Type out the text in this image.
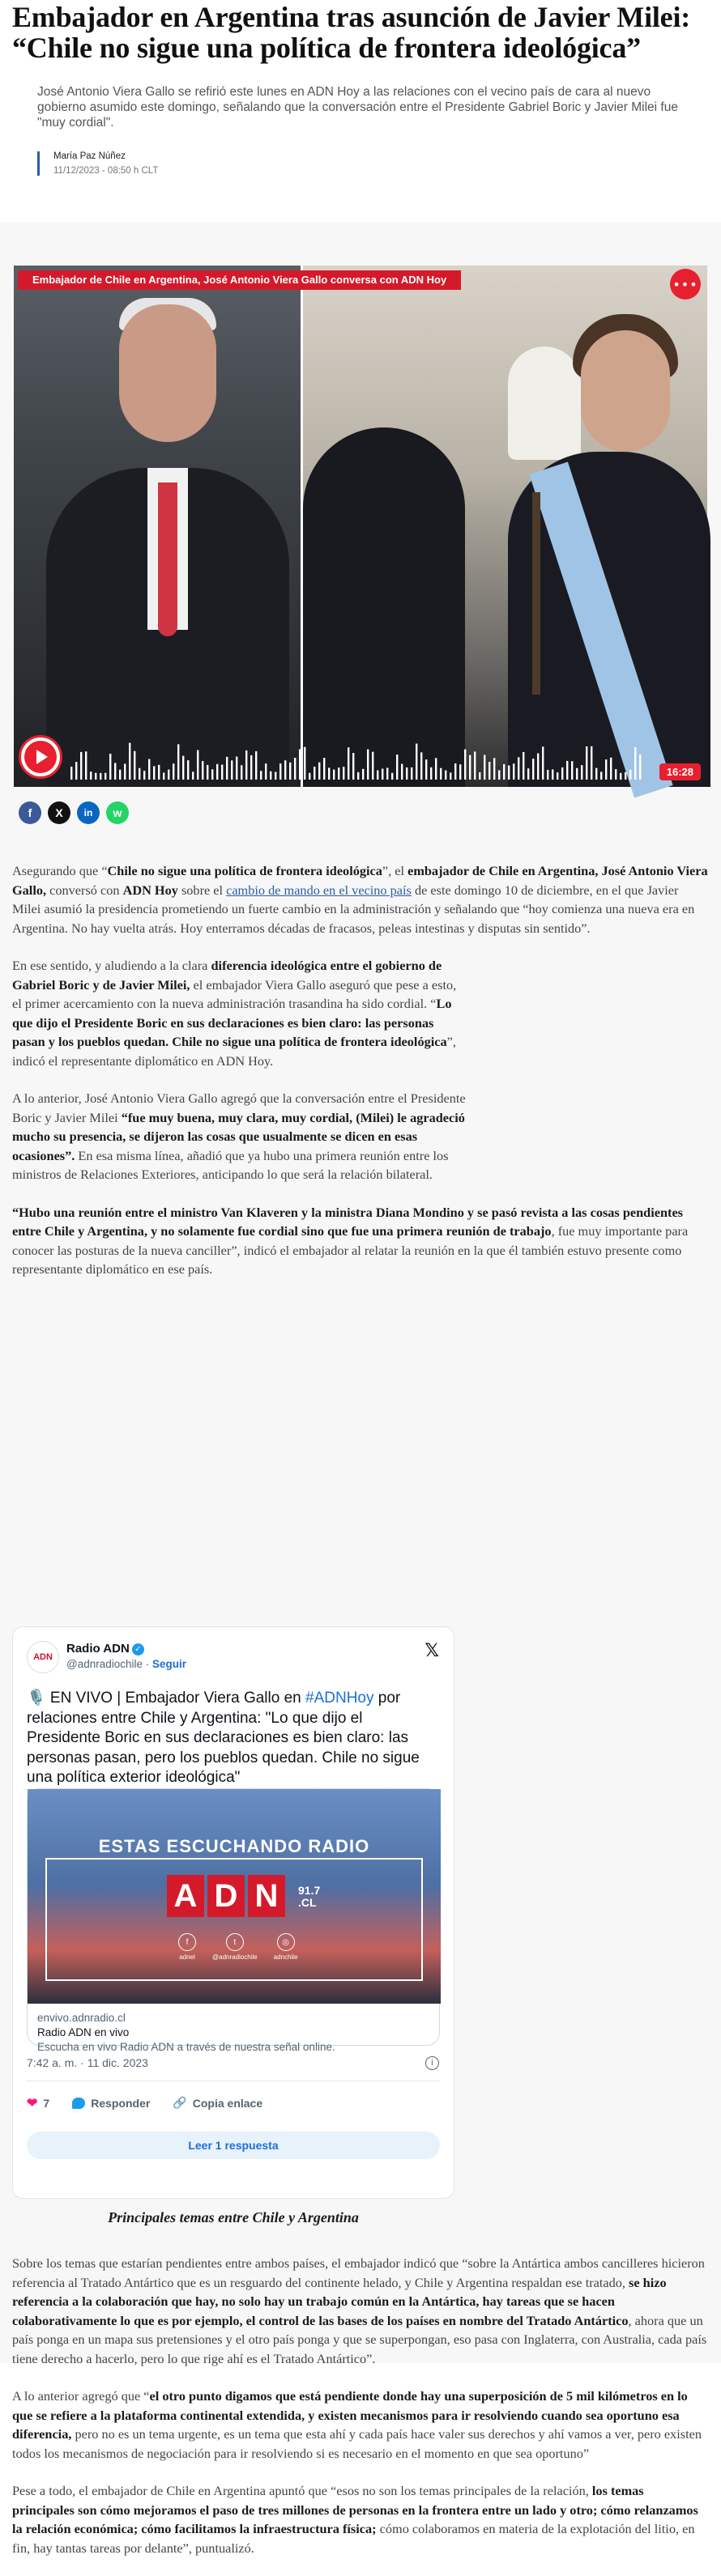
Embajador en Argentina tras asunción de Javier Milei: “Chile no sigue una política de frontera ideológica”

José Antonio Viera Gallo se refirió este lunes en ADN Hoy a las relaciones con el vecino país de cara al nuevo gobierno asumido este domingo, señalando que la conversación entre el Presidente Gabriel Boric y Javier Milei fue "muy cordial".

María Paz Núñez
11/12/2023 - 08:50 h CLT
Embajador de Chile en Argentina, José Antonio Viera Gallo conversa con ADN Hoy	•••
16:28
f	X	in	w

Asegurando que “Chile no sigue una política de frontera ideológica”, el embajador de Chile en Argentina, José Antonio Viera Gallo, conversó con ADN Hoy sobre el cambio de mando en el vecino país de este domingo 10 de diciembre, en el que Javier Milei asumió la presidencia prometiendo un fuerte cambio en la administración y señalando que “hoy comienza una nueva era en Argentina. No hay vuelta atrás. Hoy enterramos décadas de fracasos, peleas intestinas y disputas sin sentido”.

En ese sentido, y aludiendo a la clara diferencia ideológica entre el gobierno de Gabriel Boric y de Javier Milei, el embajador Viera Gallo aseguró que pese a esto, el primer acercamiento con la nueva administración trasandina ha sido cordial. “Lo que dijo el Presidente Boric en sus declaraciones es bien claro: las personas pasan y los pueblos quedan. Chile no sigue una política de frontera ideológica”, indicó el representante diplomático en ADN Hoy.

A lo anterior, José Antonio Viera Gallo agregó que la conversación entre el Presidente Boric y Javier Milei “fue muy buena, muy clara, muy cordial, (Milei) le agradeció mucho su presencia, se dijeron las cosas que usualmente se dicen en esas ocasiones”. En esa misma línea, añadió que ya hubo una primera reunión entre los ministros de Relaciones Exteriores, anticipando lo que será la relación bilateral.

“Hubo una reunión entre el ministro Van Klaveren y la ministra Diana Mondino y se pasó revista a las cosas pendientes entre Chile y Argentina, y no solamente fue cordial sino que fue una primera reunión de trabajo, fue muy importante para conocer las posturas de la nueva canciller”, indicó el embajador al relatar la reunión en la que él también estuvo presente como representante diplomático en ese país.

ADN
Radio ADN ✓
@adnradiochile · Seguir
𝕏
🎙️ EN VIVO | Embajador Viera Gallo en #ADNHoy por relaciones entre Chile y Argentina: "Lo que dijo el Presidente Boric en sus declaraciones es bien claro: las personas pasan, pero los pueblos quedan. Chile no sigue una política exterior ideológica"
ESTAS ESCUCHANDO RADIO
A D N	91.7
.CL
f
adnel
t
@adnradiochile
◎
adnchile
envivo.adnradio.cl
Radio ADN en vivo
Escucha en vivo Radio ADN a través de nuestra señal online.
7:42 a. m. · 11 dic. 2023	i
❤ 7	Responder 🔗 Copia enlace
Leer 1 respuesta
Principales temas entre Chile y Argentina

Sobre los temas que estarían pendientes entre ambos países, el embajador indicó que “sobre la Antártica ambos cancilleres hicieron referencia al Tratado Antártico que es un resguardo del continente helado, y Chile y Argentina respaldan ese tratado, se hizo referencia a la colaboración que hay, no solo hay un trabajo común en la Antártica, hay tareas que se hacen colaborativamente lo que es por ejemplo, el control de las bases de los países en nombre del Tratado Antártico, ahora que un país ponga en un mapa sus pretensiones y el otro país ponga y que se superpongan, eso pasa con Inglaterra, con Australia, cada país tiene derecho a hacerlo, pero lo que rige ahí es el Tratado Antártico”.

A lo anterior agregó que “el otro punto digamos que está pendiente donde hay una superposición de 5 mil kilómetros en lo que se refiere a la plataforma continental extendida, y existen mecanismos para ir resolviendo cuando sea oportuno esa diferencia, pero no es un tema urgente, es un tema que esta ahí y cada país hace valer sus derechos y ahí vamos a ver, pero existen todos los mecanismos de negociación para ir resolviendo si es necesario en el momento en que sea oportuno”

Pese a todo, el embajador de Chile en Argentina apuntó que “esos no son los temas principales de la relación, los temas principales son cómo mejoramos el paso de tres millones de personas en la frontera entre un lado y otro; cómo relanzamos la relación económica; cómo facilitamos la infraestructura física; cómo colaboramos en materia de la explotación del litio, en fin, hay tantas tareas por delante”, puntualizó.
